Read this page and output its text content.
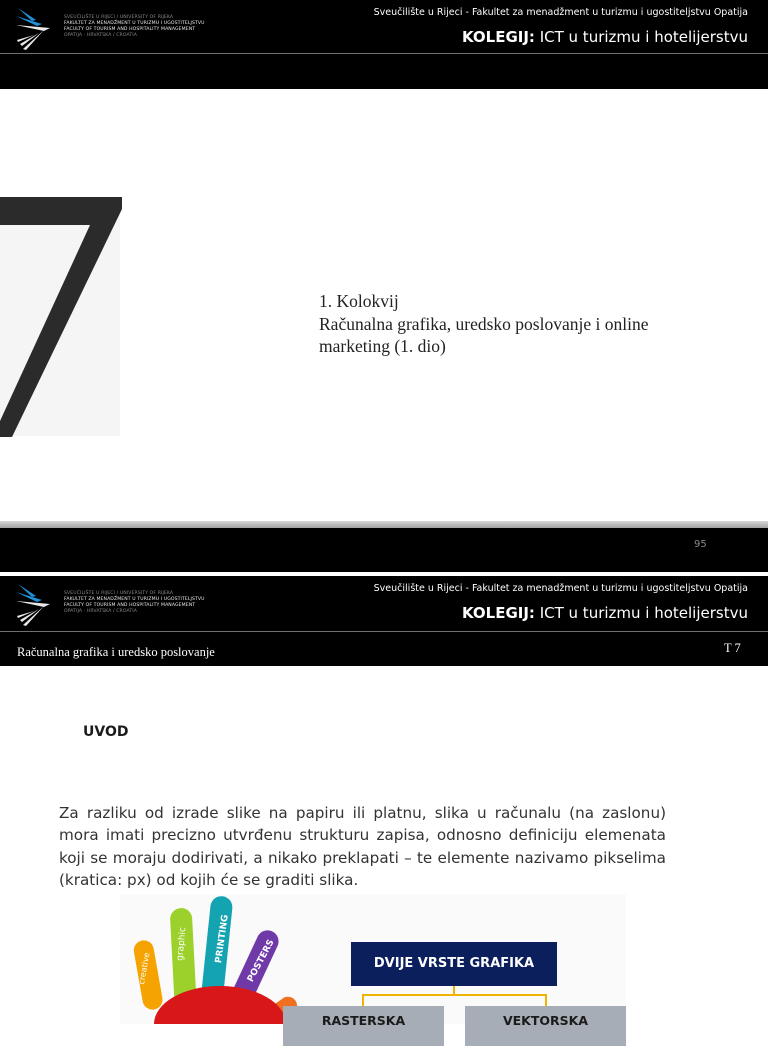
SVEUČILIŠTE U RIJECI / UNIVERSITY OF RIJEKA
FAKULTET ZA MENADŽMENT U TURIZMU I UGOSTITELJSTVU
FACULTY OF TOURISM AND HOSPITALITY MANAGEMENT
OPATIJA · HRVATSKA / CROATIA
Sveučilište u Rijeci - Fakultet za menadžment u turizmu i ugostiteljstvu Opatija
KOLEGIJ: ICT u turizmu i hotelijerstvu
1. Kolokvij
Računalna grafika, uredsko poslovanje i online
marketing (1. dio)
95
SVEUČILIŠTE U RIJECI / UNIVERSITY OF RIJEKA
FAKULTET ZA MENADŽMENT U TURIZMU I UGOSTITELJSTVU
FACULTY OF TOURISM AND HOSPITALITY MANAGEMENT
OPATIJA · HRVATSKA / CROATIA
Sveučilište u Rijeci - Fakultet za menadžment u turizmu i ugostiteljstvu Opatija
KOLEGIJ: ICT u turizmu i hotelijerstvu
Računalna grafika i uredsko poslovanje	T 7
UVOD
Za razliku od izrade slike na papiru ili platnu, slika u računalu (na zaslonu) mora imati precizno utvrđenu strukturu zapisa, odnosno definiciju elemenata koji se moraju dodirivati, a nikako preklapati – te elemente nazivamo pikselima (kratica: px) od kojih će se graditi slika.
creative
graphic	PRINTING POSTERS	DVIJE VRSTE GRAFIKA
RASTERSKA	VEKTORSKA
